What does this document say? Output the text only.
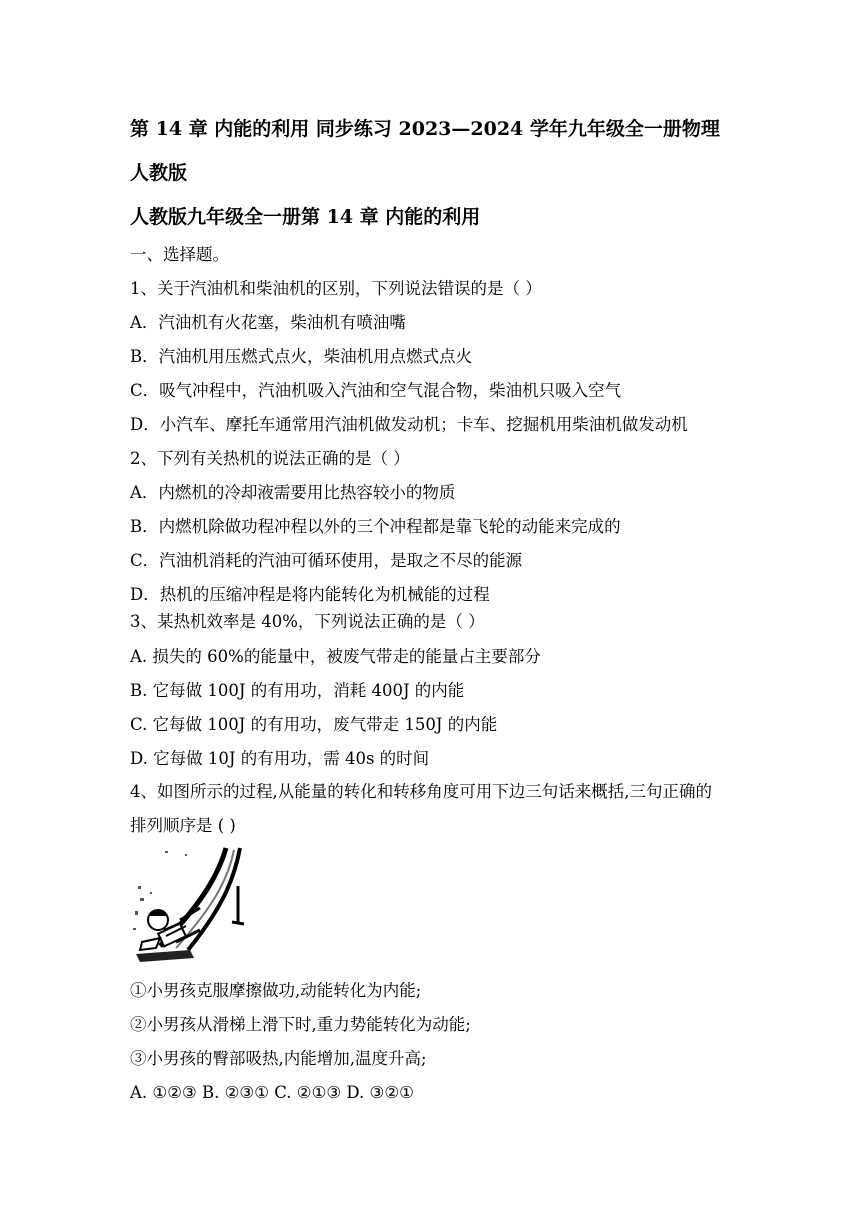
第 14 章 内能的利用 同步练习 2023—2024 学年九年级全一册物理
人教版
人教版九年级全一册第 14 章 内能的利用
一、选择题。
1、关于汽油机和柴油机的区别，下列说法错误的是（ ）
A．汽油机有火花塞，柴油机有喷油嘴
B．汽油机用压燃式点火，柴油机用点燃式点火
C．吸气冲程中，汽油机吸入汽油和空气混合物，柴油机只吸入空气
D．小汽车、摩托车通常用汽油机做发动机；卡车、挖掘机用柴油机做发动机
2、下列有关热机的说法正确的是（ ）
A．内燃机的冷却液需要用比热容较小的物质
B．内燃机除做功程冲程以外的三个冲程都是靠飞轮的动能来完成的
C．汽油机消耗的汽油可循环使用，是取之不尽的能源
D．热机的压缩冲程是将内能转化为机械能的过程
3、某热机效率是 40%，下列说法正确的是（ ）
A. 损失的 60%的能量中，被废气带走的能量占主要部分
B. 它每做 100J 的有用功，消耗 400J 的内能
C. 它每做 100J 的有用功，废气带走 150J 的内能
D. 它每做 10J 的有用功，需 40s 的时间
4、如图所示的过程,从能量的转化和转移角度可用下边三句话来概括,三句正确的
排列顺序是 ( )
①小男孩克服摩擦做功,动能转化为内能;
②小男孩从滑梯上滑下时,重力势能转化为动能;
③小男孩的臀部吸热,内能增加,温度升高;
A. ①②③ B. ②③① C. ②①③ D. ③②①
